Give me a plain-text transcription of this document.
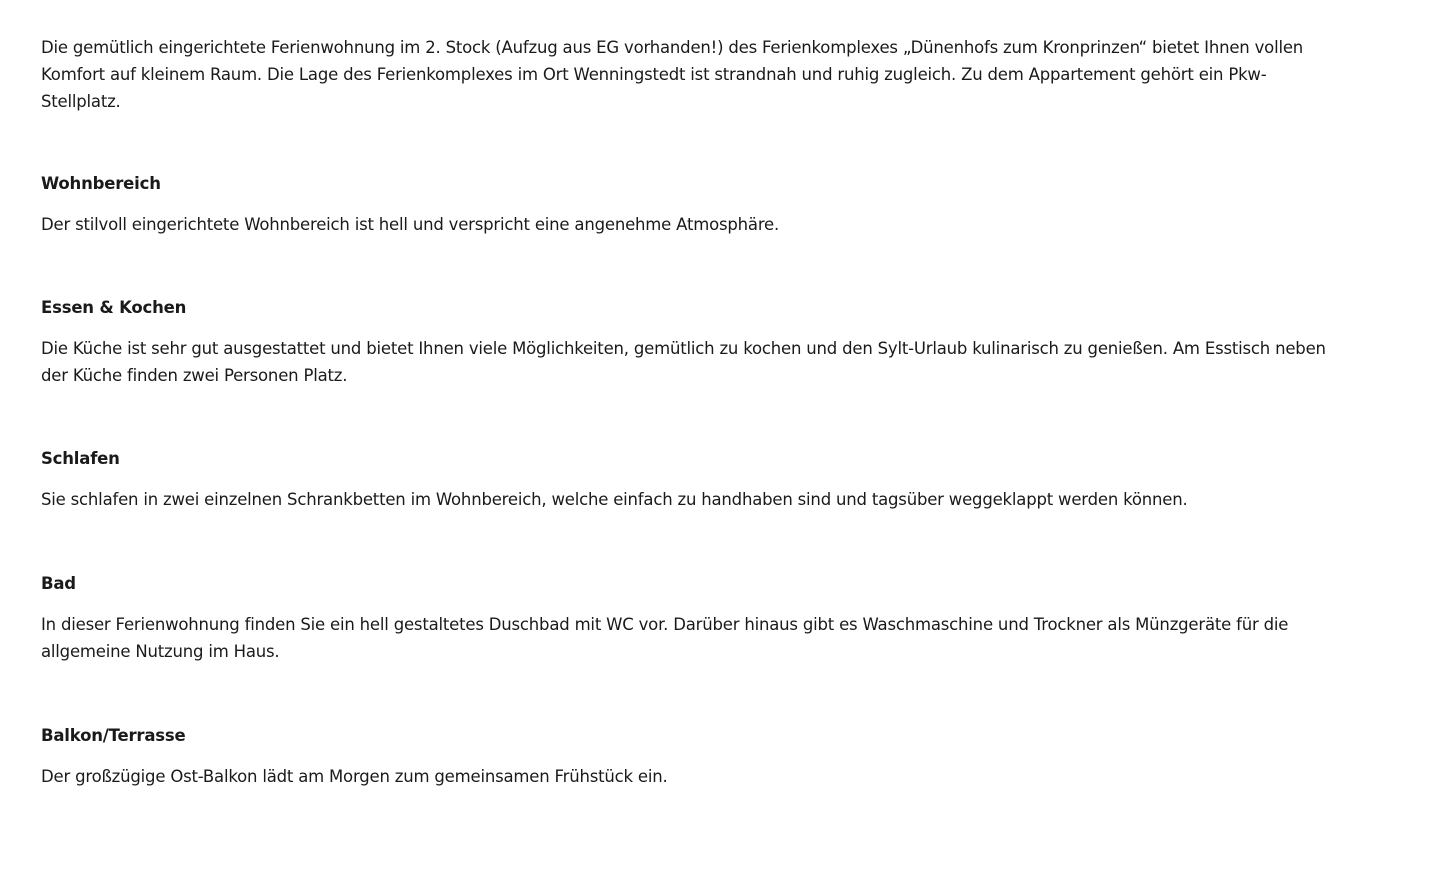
Die gemütlich eingerichtete Ferienwohnung im 2. Stock (Aufzug aus EG vorhanden!) des Ferienkomplexes „Dünenhofs zum Kronprinzen“ bietet Ihnen vollen Komfort auf kleinem Raum. Die Lage des Ferienkomplexes im Ort Wenningstedt ist strandnah und ruhig zugleich. Zu dem Appartement gehört ein Pkw-Stellplatz.

Wohnbereich

Der stilvoll eingerichtete Wohnbereich ist hell und verspricht eine angenehme Atmosphäre.

Essen & Kochen

Die Küche ist sehr gut ausgestattet und bietet Ihnen viele Möglichkeiten, gemütlich zu kochen und den Sylt-Urlaub kulinarisch zu genießen. Am Esstisch neben der Küche finden zwei Personen Platz.

Schlafen

Sie schlafen in zwei einzelnen Schrankbetten im Wohnbereich, welche einfach zu handhaben sind und tagsüber weggeklappt werden können.

Bad

In dieser Ferienwohnung finden Sie ein hell gestaltetes Duschbad mit WC vor. Darüber hinaus gibt es Waschmaschine und Trockner als Münzgeräte für die allgemeine Nutzung im Haus.

Balkon/Terrasse

Der großzügige Ost-Balkon lädt am Morgen zum gemeinsamen Frühstück ein.
